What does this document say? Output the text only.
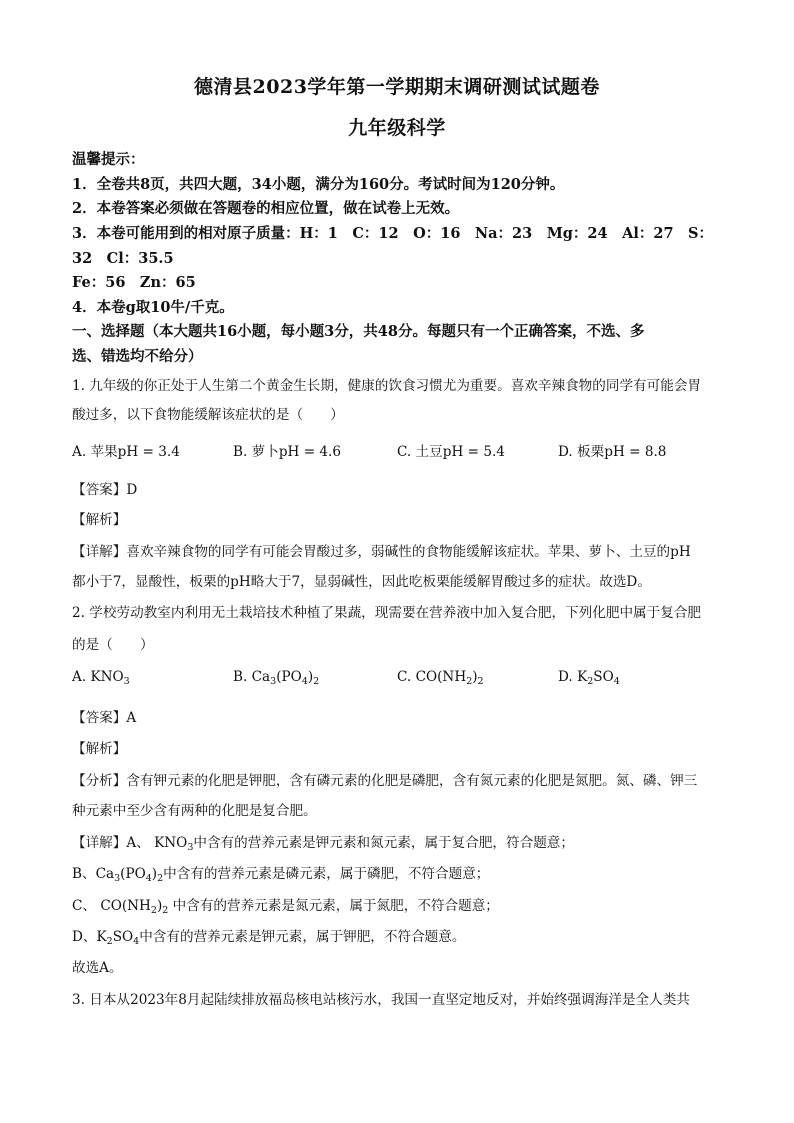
德清县2023学年第一学期期末调研测试试题卷
九年级科学
温馨提示：
1．全卷共8页，共四大题，34小题，满分为160分。考试时间为120分钟。
2．本卷答案必须做在答题卷的相应位置，做在试卷上无效。
3．本卷可能用到的相对原子质量：H：1　C：12　O：16　Na：23　Mg：24　Al：27　S：
32　Cl：35.5
Fe：56　Zn：65
4．本卷g取10牛/千克。
一、选择题（本大题共16小题，每小题3分，共48分。每题只有一个正确答案，不选、多
选、错选均不给分）
1. 九年级的你正处于人生第二个黄金生长期，健康的饮食习惯尤为重要。喜欢辛辣食物的同学有可能会胃
酸过多，以下食物能缓解该症状的是（　　）
A. 苹果pH = 3.4	B. 萝卜pH = 4.6	C. 土豆pH = 5.4	D. 板栗pH = 8.8
【答案】D
【解析】
【详解】喜欢辛辣食物的同学有可能会胃酸过多，弱碱性的食物能缓解该症状。苹果、萝卜、土豆的pH
都小于7，显酸性，板栗的pH略大于7，显弱碱性，因此吃板栗能缓解胃酸过多的症状。故选D。
2. 学校劳动教室内利用无土栽培技术种植了果蔬，现需要在营养液中加入复合肥，下列化肥中属于复合肥
的是（　　）
A. $KNO_3$	B. $Ca_3(PO_4)_2$	C. $CO(NH_2)_2$	D. $K_2SO_4$
【答案】A
【解析】
【分析】含有钾元素的化肥是钾肥，含有磷元素的化肥是磷肥，含有氮元素的化肥是氮肥。氮、磷、钾三
种元素中至少含有两种的化肥是复合肥。
【详解】A、 $KNO_3$中含有的营养元素是钾元素和氮元素，属于复合肥，符合题意；
B、$Ca_3(PO_4)_2$中含有的营养元素是磷元素，属于磷肥，不符合题意；
C、 $CO(NH_2)_2$ 中含有的营养元素是氮元素，属于氮肥，不符合题意；
D、$K_2SO_4$中含有的营养元素是钾元素，属于钾肥，不符合题意。
故选A。
3. 日本从2023年8月起陆续排放福岛核电站核污水，我国一直坚定地反对，并始终强调海洋是全人类共
